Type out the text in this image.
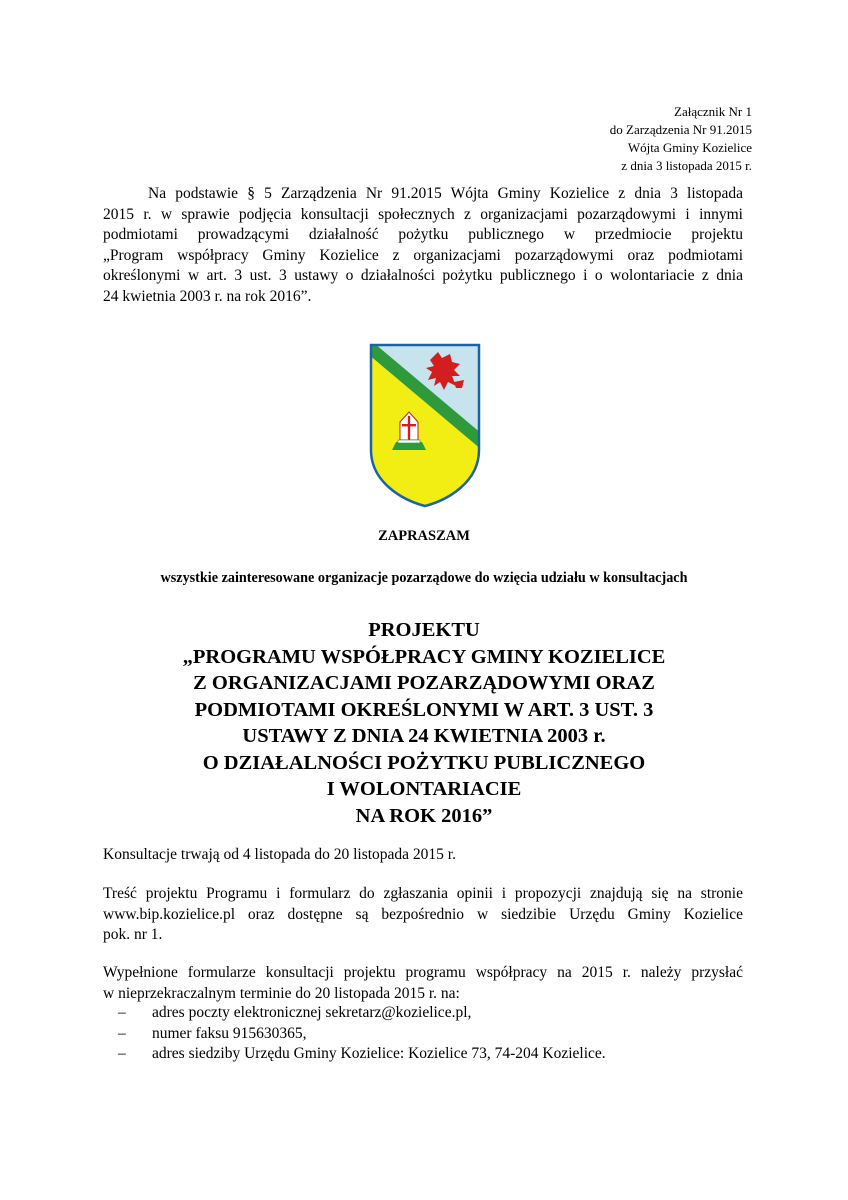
Załącznik Nr 1
do Zarządzenia Nr 91.2015
Wójta Gminy Kozielice
z dnia 3 listopada 2015 r.
Na podstawie § 5 Zarządzenia Nr 91.2015 Wójta Gminy Kozielice z dnia 3 listopada
2015 r. w sprawie podjęcia konsultacji społecznych z organizacjami pozarządowymi i innymi
podmiotami prowadzącymi działalność pożytku publicznego w przedmiocie projektu
„Program współpracy Gminy Kozielice z organizacjami pozarządowymi oraz podmiotami
określonymi w art. 3 ust. 3 ustawy o działalności pożytku publicznego i o wolontariacie z dnia
24 kwietnia 2003 r. na rok 2016”.
ZAPRASZAM
wszystkie zainteresowane organizacje pozarządowe do wzięcia udziału w konsultacjach
PROJEKTU
„PROGRAMU WSPÓŁPRACY GMINY KOZIELICE
Z ORGANIZACJAMI POZARZĄDOWYMI ORAZ
PODMIOTAMI OKREŚLONYMI W ART. 3 UST. 3
USTAWY Z DNIA 24 KWIETNIA 2003 r.
O DZIAŁALNOŚCI POŻYTKU PUBLICZNEGO
I WOLONTARIACIE
NA ROK 2016”
Konsultacje trwają od 4 listopada do 20 listopada 2015 r.
Treść projektu Programu i formularz do zgłaszania opinii i propozycji znajdują się na stronie
www.bip.kozielice.pl oraz dostępne są bezpośrednio w siedzibie Urzędu Gminy Kozielice
pok. nr 1.
Wypełnione formularze konsultacji projektu programu współpracy na 2015 r. należy przysłać
w nieprzekraczalnym terminie do 20 listopada 2015 r. na:
–	adres poczty elektronicznej sekretarz@kozielice.pl,
–	numer faksu 915630365,
–	adres siedziby Urzędu Gminy Kozielice: Kozielice 73, 74-204 Kozielice.
